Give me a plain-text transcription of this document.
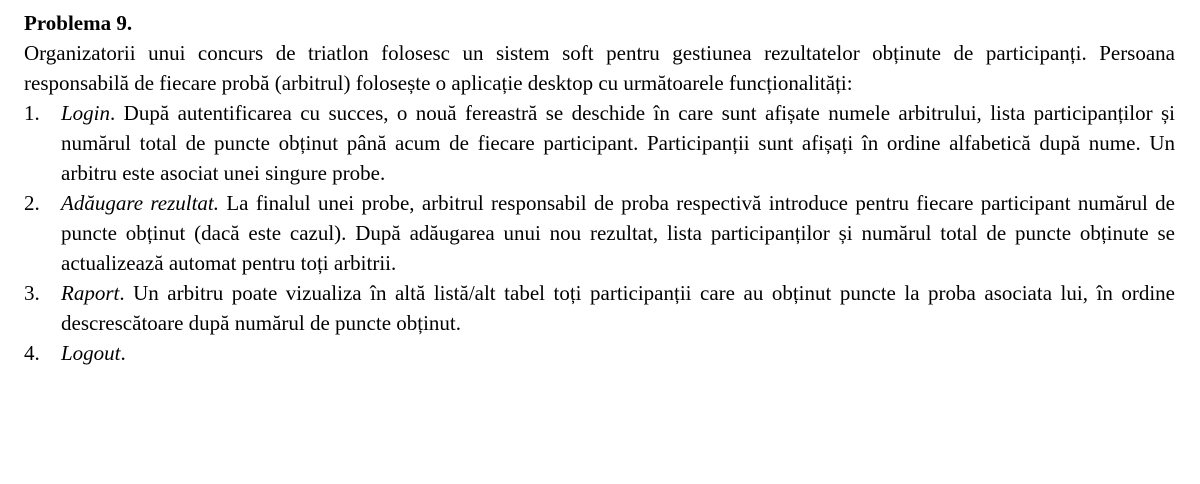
Problema 9.

Organizatorii unui concurs de triatlon folosesc un sistem soft pentru gestiunea rezultatelor obținute de participanți. Persoana responsabilă de fiecare probă (arbitrul) folosește o aplicație desktop cu următoarele funcționalități:

1.	Login. După autentificarea cu succes, o nouă fereastră se deschide în care sunt afișate numele arbitrului, lista participanților și numărul total de puncte obținut până acum de fiecare participant. Participanții sunt afișați în ordine alfabetică după nume. Un arbitru este asociat unei singure probe.
2.	Adăugare rezultat. La finalul unei probe, arbitrul responsabil de proba respectivă introduce pentru fiecare participant numărul de puncte obținut (dacă este cazul). După adăugarea unui nou rezultat, lista participanților și numărul total de puncte obținute se actualizează automat pentru toți arbitrii.
3.	Raport. Un arbitru poate vizualiza în altă listă/alt tabel toți participanții care au obținut puncte la proba asociata lui, în ordine descrescătoare după numărul de puncte obținut.
4.	Logout.
